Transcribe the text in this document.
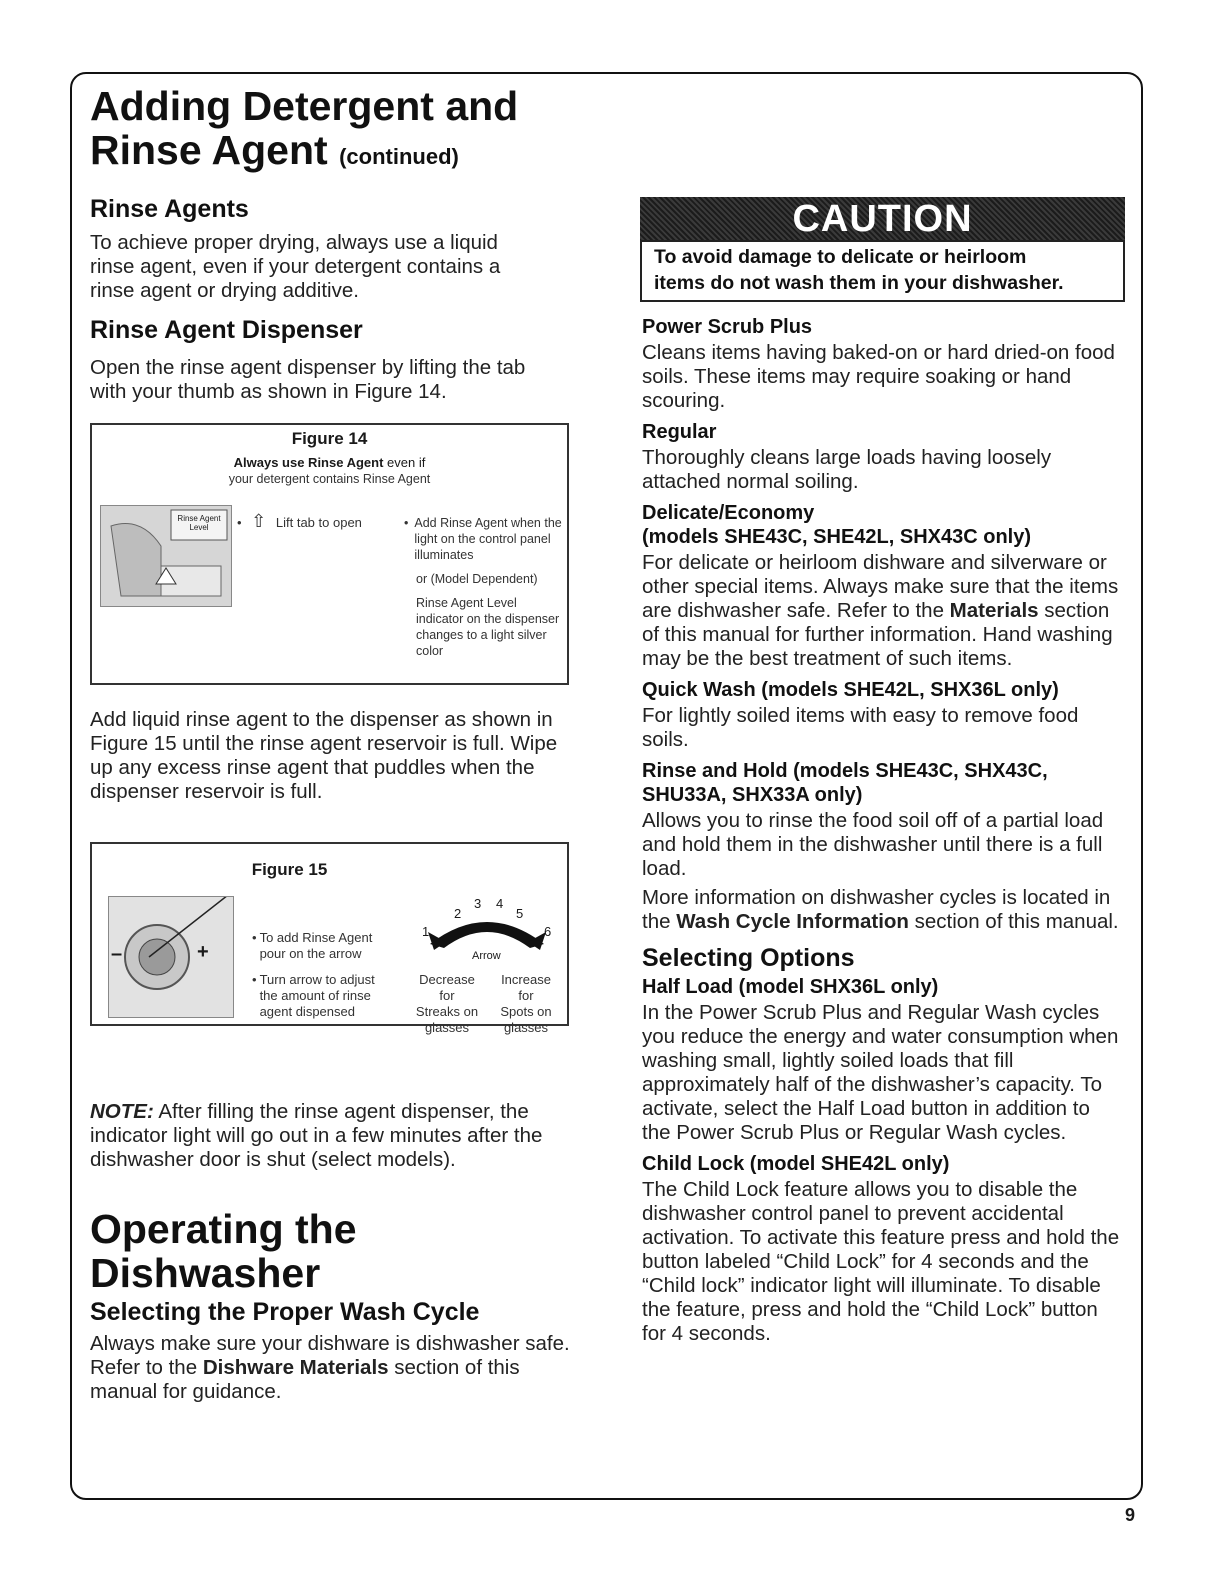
Adding Detergent and
Rinse Agent (continued)
Rinse Agents
To achieve proper drying, always use a liquid rinse agent, even if your detergent contains a rinse agent or drying additive.
Rinse Agent Dispenser
Open the rinse agent dispenser by lifting the tab with your thumb as shown in Figure 14.
Figure 14
Always use Rinse Agent even if
your detergent contains Rinse Agent
Rinse Agent
Level	• ⇧ Lift tab to open	• Add Rinse Agent when the light on the control panel illuminates
or (Model Dependent)
Rinse Agent Level indicator on the dispenser changes to a light silver color
Add liquid rinse agent to the dispenser as shown in Figure 15 until the rinse agent reservoir is full. Wipe up any excess rinse agent that puddles when the dispenser reservoir is full.
Figure 15
–	+
• To add Rinse Agent pour on the arrow
• Turn arrow to adjust the amount of rinse agent dispensed
1
2
3 4
5
6
Turn
Arrow
Decrease
for
Streaks on
glasses
Increase
for
Spots on
glasses
NOTE: After filling the rinse agent dispenser, the indicator light will go out in a few minutes after the dishwasher door is shut (select models).
Operating the
Dishwasher
Selecting the Proper Wash Cycle
Always make sure your dishware is dishwasher safe. Refer to the Dishware Materials section of this manual for guidance.
CAUTION
To avoid damage to delicate or heirloom
items do not wash them in your dishwasher.
Power Scrub Plus
Cleans items having baked-on or hard dried-on food soils. These items may require soaking or hand scouring.
Regular
Thoroughly cleans large loads having loosely attached normal soiling.
Delicate/Economy
(models SHE43C, SHE42L, SHX43C only)
For delicate or heirloom dishware and silverware or other special items. Always make sure that the items are dishwasher safe. Refer to the Materials section of this manual for further information. Hand washing may be the best treatment of such items.
Quick Wash (models SHE42L, SHX36L only)
For lightly soiled items with easy to remove food soils.
Rinse and Hold (models SHE43C, SHX43C,
SHU33A, SHX33A only)
Allows you to rinse the food soil off of a partial load and hold them in the dishwasher until there is a full load.
More information on dishwasher cycles is located in the Wash Cycle Information section of this manual.
Selecting Options
Half Load (model SHX36L only)
In the Power Scrub Plus and Regular Wash cycles you reduce the energy and water consumption when washing small, lightly soiled loads that fill approximately half of the dishwasher’s capacity. To activate, select the Half Load button in addition to the Power Scrub Plus or Regular Wash cycles.
Child Lock (model SHE42L only)
The Child Lock feature allows you to disable the dishwasher control panel to prevent accidental activation. To activate this feature press and hold the button labeled “Child Lock” for 4 seconds and the “Child lock” indicator light will illuminate. To disable the feature, press and hold the “Child Lock” button for 4 seconds.
9
